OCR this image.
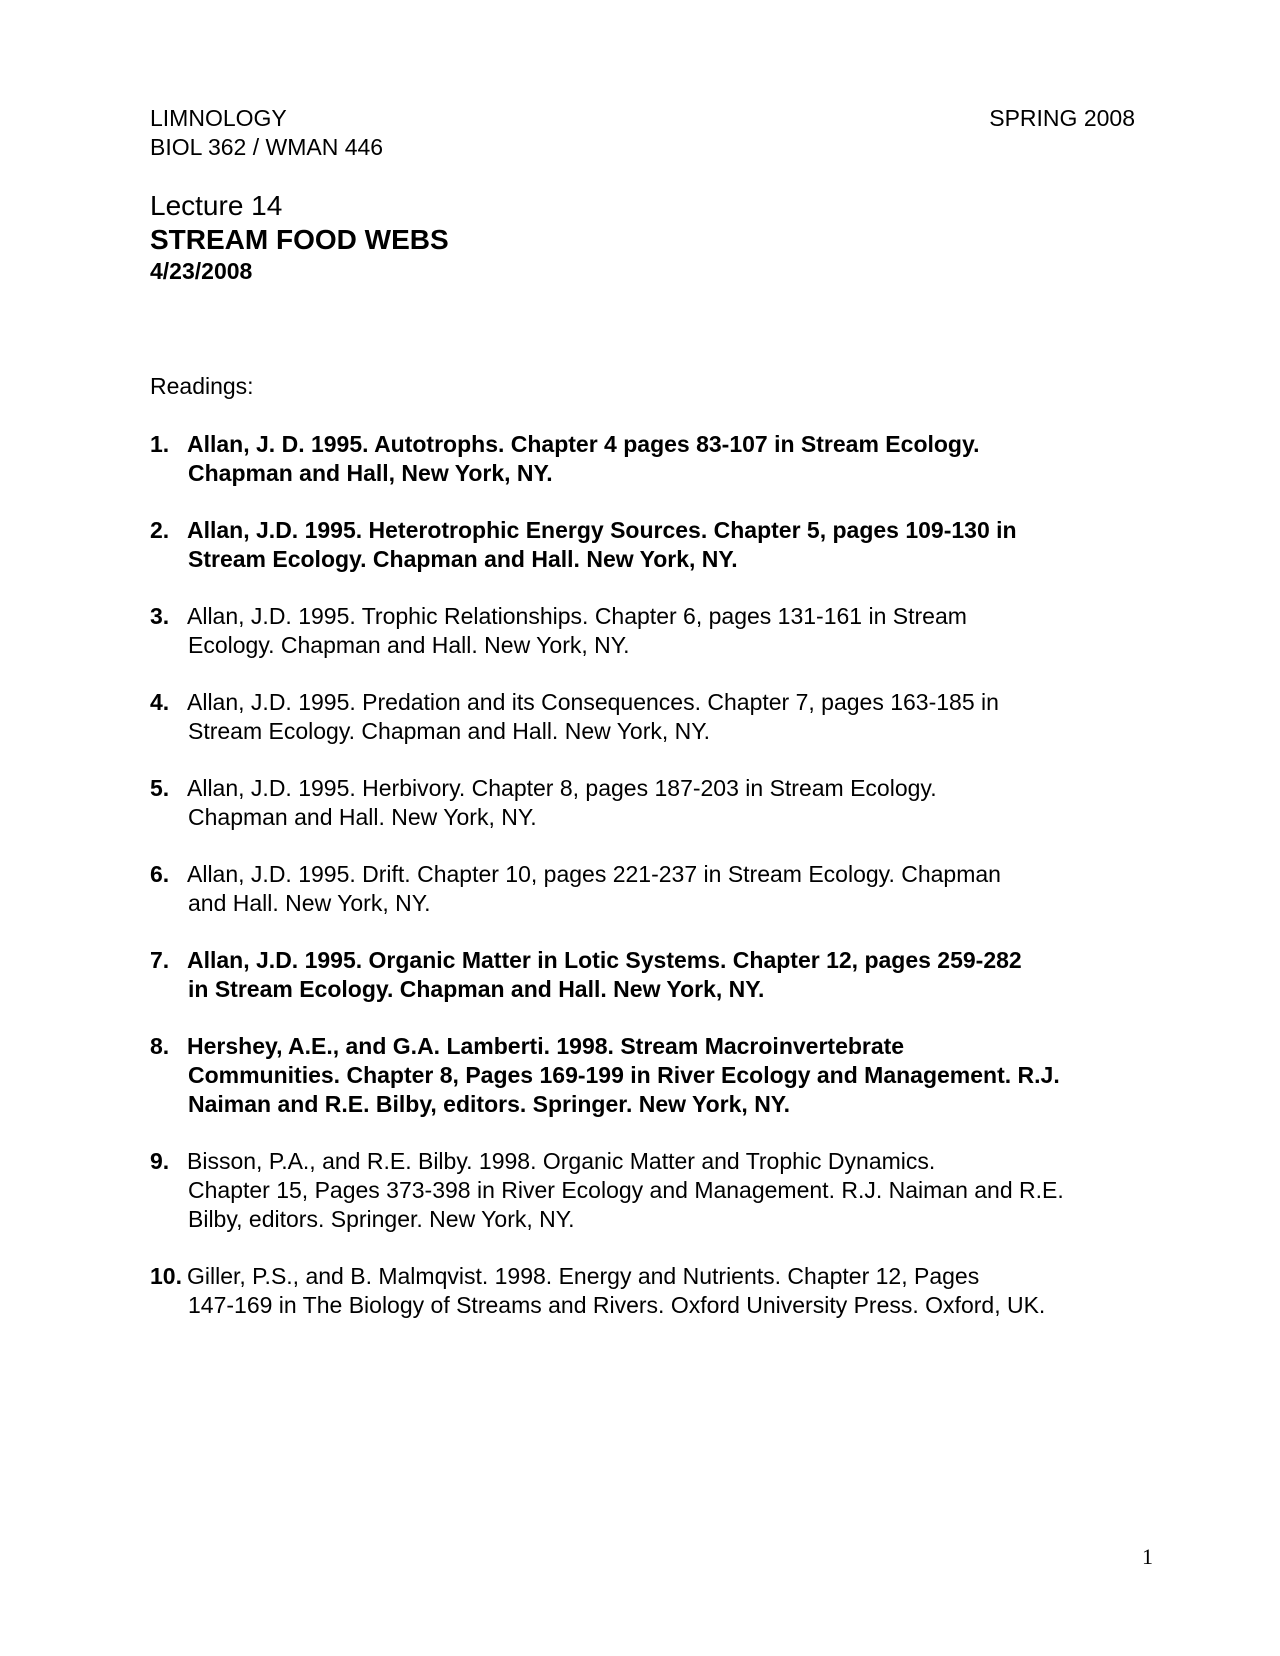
LIMNOLOGY	SPRING 2008
BIOL 362 / WMAN 446
Lecture 14
STREAM FOOD WEBS
4/23/2008
Readings:
1. Allan, J. D. 1995. Autotrophs. Chapter 4 pages 83-107 in Stream Ecology.
Chapman and Hall, New York, NY.
2. Allan, J.D. 1995. Heterotrophic Energy Sources. Chapter 5, pages 109-130 in
Stream Ecology. Chapman and Hall. New York, NY.
3. Allan, J.D. 1995. Trophic Relationships. Chapter 6, pages 131-161 in Stream
Ecology. Chapman and Hall. New York, NY.
4. Allan, J.D. 1995. Predation and its Consequences. Chapter 7, pages 163-185 in
Stream Ecology. Chapman and Hall. New York, NY.
5. Allan, J.D. 1995. Herbivory. Chapter 8, pages 187-203 in Stream Ecology.
Chapman and Hall. New York, NY.
6. Allan, J.D. 1995. Drift. Chapter 10, pages 221-237 in Stream Ecology. Chapman
and Hall. New York, NY.
7. Allan, J.D. 1995. Organic Matter in Lotic Systems. Chapter 12, pages 259-282
in Stream Ecology. Chapman and Hall. New York, NY.
8. Hershey, A.E., and G.A. Lamberti. 1998. Stream Macroinvertebrate
Communities. Chapter 8, Pages 169-199 in River Ecology and Management. R.J.
Naiman and R.E. Bilby, editors. Springer. New York, NY.
9. Bisson, P.A., and R.E. Bilby. 1998. Organic Matter and Trophic Dynamics.
Chapter 15, Pages 373-398 in River Ecology and Management. R.J. Naiman and R.E.
Bilby, editors. Springer. New York, NY.
10. Giller, P.S., and B. Malmqvist. 1998. Energy and Nutrients. Chapter 12, Pages
147-169 in The Biology of Streams and Rivers. Oxford University Press. Oxford, UK.
1
